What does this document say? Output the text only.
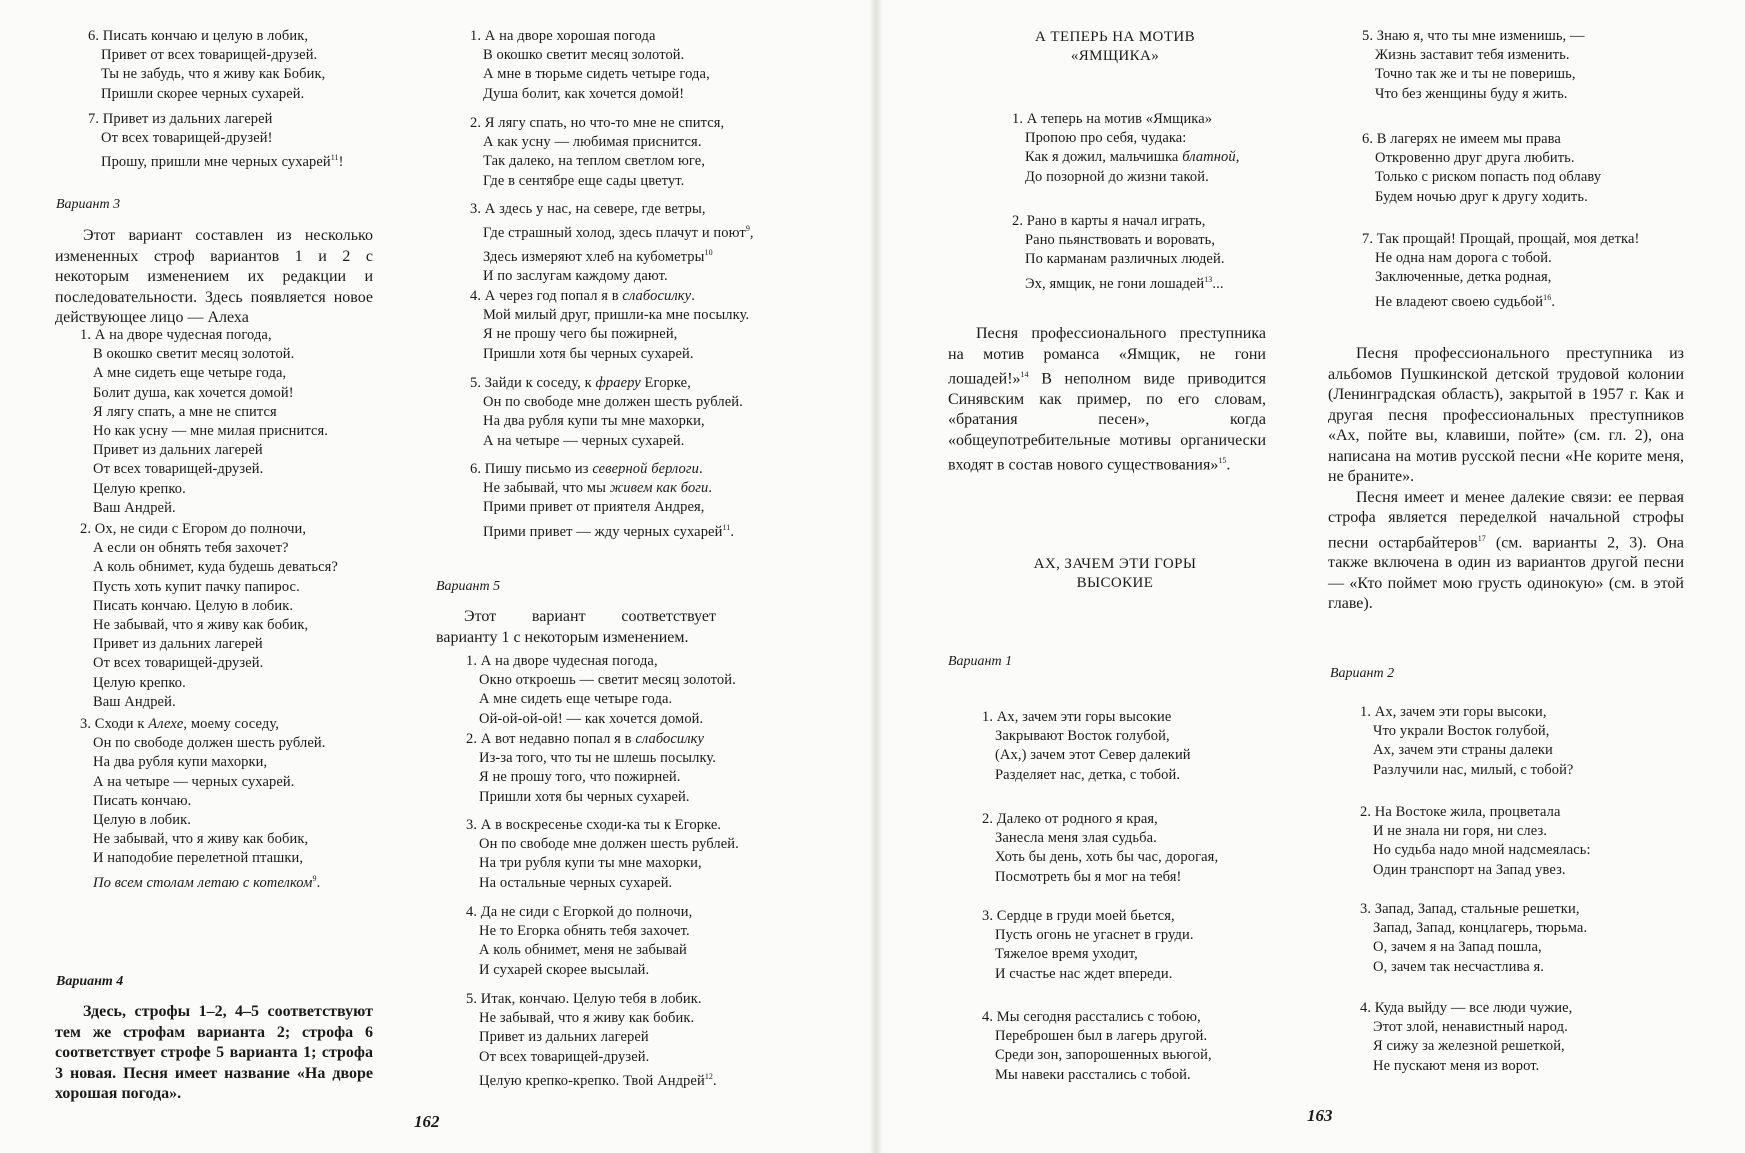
6. Писать кончаю и целую в лобик,
Привет от всех товарищей-друзей.
Ты не забудь, что я живу как Бобик,
Пришли скорее черных сухарей.
7. Привет из дальних лагерей
От всех товарищей-друзей!
Прошу, пришли мне черных сухарей$^{11}$!
Вариант 3

Этот вариант составлен из несколько измененных строф вариантов 1 и 2 с некоторым изменением их редакции и последовательности. Здесь появляется новое действующее лицо — Алеха

1. А на дворе чудесная погода,
В окошко светит месяц золотой.
А мне сидеть еще четыре года,
Болит душа, как хочется домой!
Я лягу спать, а мне не спится
Но как усну — мне милая приснится.
Привет из дальних лагерей
От всех товарищей-друзей.
Целую крепко.
Ваш Андрей.
2. Ох, не сиди с Егором до полночи,
А если он обнять тебя захочет?
А коль обнимет, куда будешь деваться?
Пусть хоть купит пачку папирос.
Писать кончаю. Целую в лобик.
Не забывай, что я живу как бобик,
Привет из дальних лагерей
От всех товарищей-друзей.
Целую крепко.
Ваш Андрей.
3. Сходи к Алехе, моему соседу,
Он по свободе должен шесть рублей.
На два рубля купи махорки,
А на четыре — черных сухарей.
Писать кончаю.
Целую в лобик.
Не забывай, что я живу как бобик,
И наподобие перелетной пташки,
По всем столам летаю с котелком$^9$.
Вариант 4

Здесь, строфы 1–2, 4–5 соответствуют тем же строфам варианта 2; строфа 6 соответствует строфе 5 варианта 1; строфа 3 новая. Песня имеет название «На дворе хорошая погода».

162
1. А на дворе хорошая погода
В окошко светит месяц золотой.
А мне в тюрьме сидеть четыре года,
Душа болит, как хочется домой!
2. Я лягу спать, но что-то мне не спится,
А как усну — любимая приснится.
Так далеко, на теплом светлом юге,
Где в сентябре еще сады цветут.
3. А здесь у нас, на севере, где ветры,
Где страшный холод, здесь плачут и поют$^9$,
Здесь измеряют хлеб на кубометры$^{10}$
И по заслугам каждому дают.
4. А через год попал я в слабосилку.
Мой милый друг, пришли-ка мне посылку.
Я не прошу чего бы пожирней,
Пришли хотя бы черных сухарей.
5. Зайди к соседу, к фраеру Егорке,
Он по свободе мне должен шесть рублей.
На два рубля купи ты мне махорки,
А на четыре — черных сухарей.
6. Пишу письмо из северной берлоги.
Не забывай, что мы живем как боги.
Прими привет от приятеля Андрея,
Прими привет — жду черных сухарей$^{11}$.
Вариант 5

Этот вариант соответствует варианту 1 с некоторым изменением.

1. А на дворе чудесная погода,
Окно откроешь — светит месяц золотой.
А мне сидеть еще четыре года.
Ой-ой-ой-ой! — как хочется домой.
2. А вот недавно попал я в слабосилку
Из-за того, что ты не шлешь посылку.
Я не прошу того, что пожирней.
Пришли хотя бы черных сухарей.
3. А в воскресенье сходи-ка ты к Егорке.
Он по свободе мне должен шесть рублей.
На три рубля купи ты мне махорки,
На остальные черных сухарей.
4. Да не сиди с Егоркой до полночи,
Не то Егорка обнять тебя захочет.
А коль обнимет, меня не забывай
И сухарей скорее высылай.
5. Итак, кончаю. Целую тебя в лобик.
Не забывай, что я живу как бобик.
Привет из дальних лагерей
От всех товарищей-друзей.
Целую крепко-крепко. Твой Андрей$^{12}$.
А ТЕПЕРЬ НА МОТИВ
«ЯМЩИКА»
1. А теперь на мотив «Ямщика»
Пропою про себя, чудака:
Как я дожил, мальчишка блатной,
До позорной до жизни такой.
2. Рано в карты я начал играть,
Рано пьянствовать и воровать,
По карманам различных людей.
Эх, ямщик, не гони лошадей$^{13}$...

Песня профессионального преступника на мотив романса «Ямщик, не гони лошадей!»$^{14}$ В неполном виде приводится Синявским как пример, по его словам, «братания песен», когда «общеупотребительные мотивы органически входят в состав нового существования»$^{15}$.

АХ, ЗАЧЕМ ЭТИ ГОРЫ
ВЫСОКИЕ
Вариант 1
1. Ах, зачем эти горы высокие
Закрывают Восток голубой,
(Ах,) зачем этот Север далекий
Разделяет нас, детка, с тобой.
2. Далеко от родного я края,
Занесла меня злая судьба.
Хоть бы день, хоть бы час, дорогая,
Посмотреть бы я мог на тебя!
3. Сердце в груди моей бьется,
Пусть огонь не угаснет в груди.
Тяжелое время уходит,
И счастье нас ждет впереди.
4. Мы сегодня расстались с тобою,
Переброшен был в лагерь другой.
Среди зон, запорошенных вьюгой,
Мы навеки расстались с тобой.
163
5. Знаю я, что ты мне изменишь, —
Жизнь заставит тебя изменить.
Точно так же и ты не поверишь,
Что без женщины буду я жить.
6. В лагерях не имеем мы права
Откровенно друг друга любить.
Только с риском попасть под облаву
Будем ночью друг к другу ходить.
7. Так прощай! Прощай, прощай, моя детка!
Не одна нам дорога с тобой.
Заключенные, детка родная,
Не владеют своею судьбой$^{16}$.

Песня профессионального преступника из альбомов Пушкинской детской трудовой колонии (Ленинградская область), закрытой в 1957 г. Как и другая песня профессиональных преступников «Ах, пойте вы, клавиши, пойте» (см. гл. 2), она написана на мотив русской песни «Не корите меня, не браните».

Песня имеет и менее далекие связи: ее первая строфа является переделкой начальной строфы песни остарбайтеров$^{17}$ (см. варианты 2, 3). Она также включена в один из вариантов другой песни — «Кто поймет мою грусть одинокую» (см. в этой главе).

Вариант 2
1. Ах, зачем эти горы высоки,
Что украли Восток голубой,
Ах, зачем эти страны далеки
Разлучили нас, милый, с тобой?
2. На Востоке жила, процветала
И не знала ни горя, ни слез.
Но судьба надо мной надсмеялась:
Один транспорт на Запад увез.
3. Запад, Запад, стальные решетки,
Запад, Запад, концлагерь, тюрьма.
О, зачем я на Запад пошла,
О, зачем так несчастлива я.
4. Куда выйду — все люди чужие,
Этот злой, ненавистный народ.
Я сижу за железной решеткой,
Не пускают меня из ворот.
